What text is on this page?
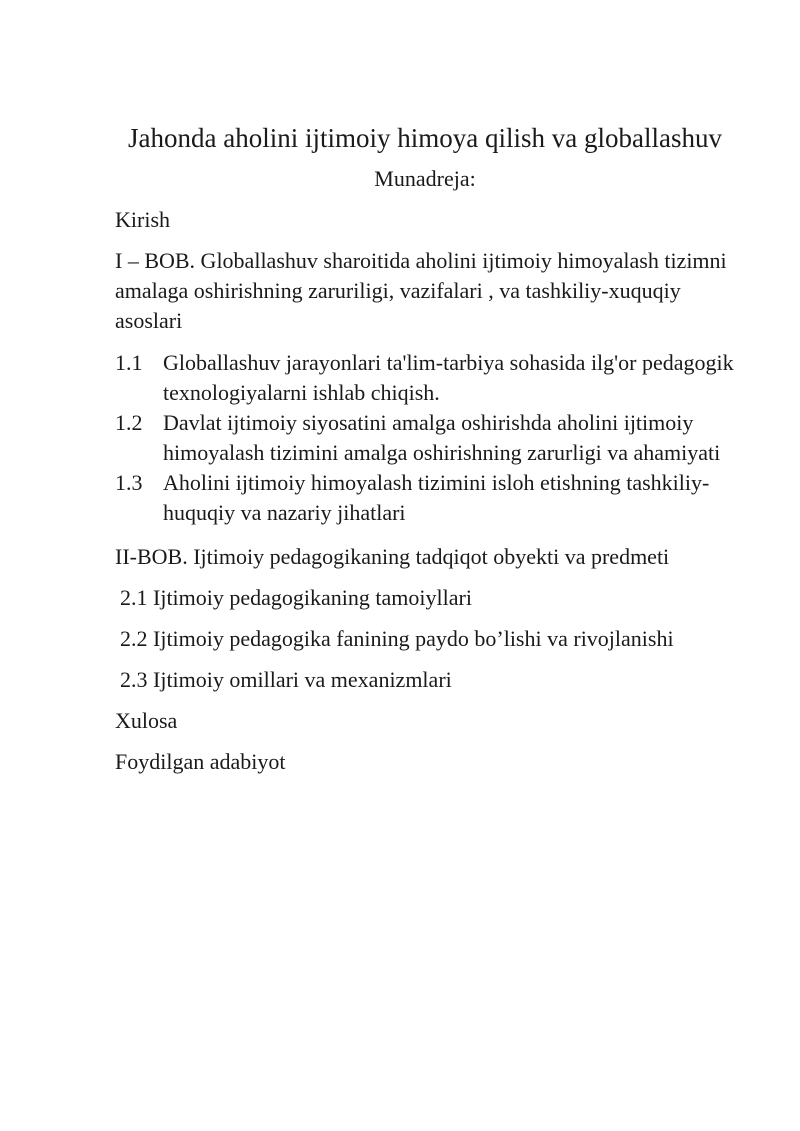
Jahonda aholini ijtimoiy himoya qilish va globallashuv

Munadreja:

Kirish

I – BOB. Globallashuv sharoitida aholini ijtimoiy himoyalash tizimni amalaga oshirishning zaruriligi, vazifalari , va tashkiliy-xuquqiy asoslari

1.1 Globallashuv jarayonlari ta'lim-tarbiya sohasida ilg'or pedagogik texnologiyalarni ishlab chiqish.
1.2 Davlat ijtimoiy siyosatini amalga oshirishda aholini ijtimoiy himoyalash tizimini amalga oshirishning zarurligi va ahamiyati
1.3 Aholini ijtimoiy himoyalash tizimini isloh etishning tashkiliy-huquqiy va nazariy jihatlari

II-BOB. Ijtimoiy pedagogikaning tadqiqot obyekti va predmeti

2.1 Ijtimoiy pedagogikaning tamoiyllari

2.2 Ijtimoiy pedagogika fanining paydo bo’lishi va rivojlanishi

2.3 Ijtimoiy omillari va mexanizmlari

Xulosa

Foydilgan adabiyot
